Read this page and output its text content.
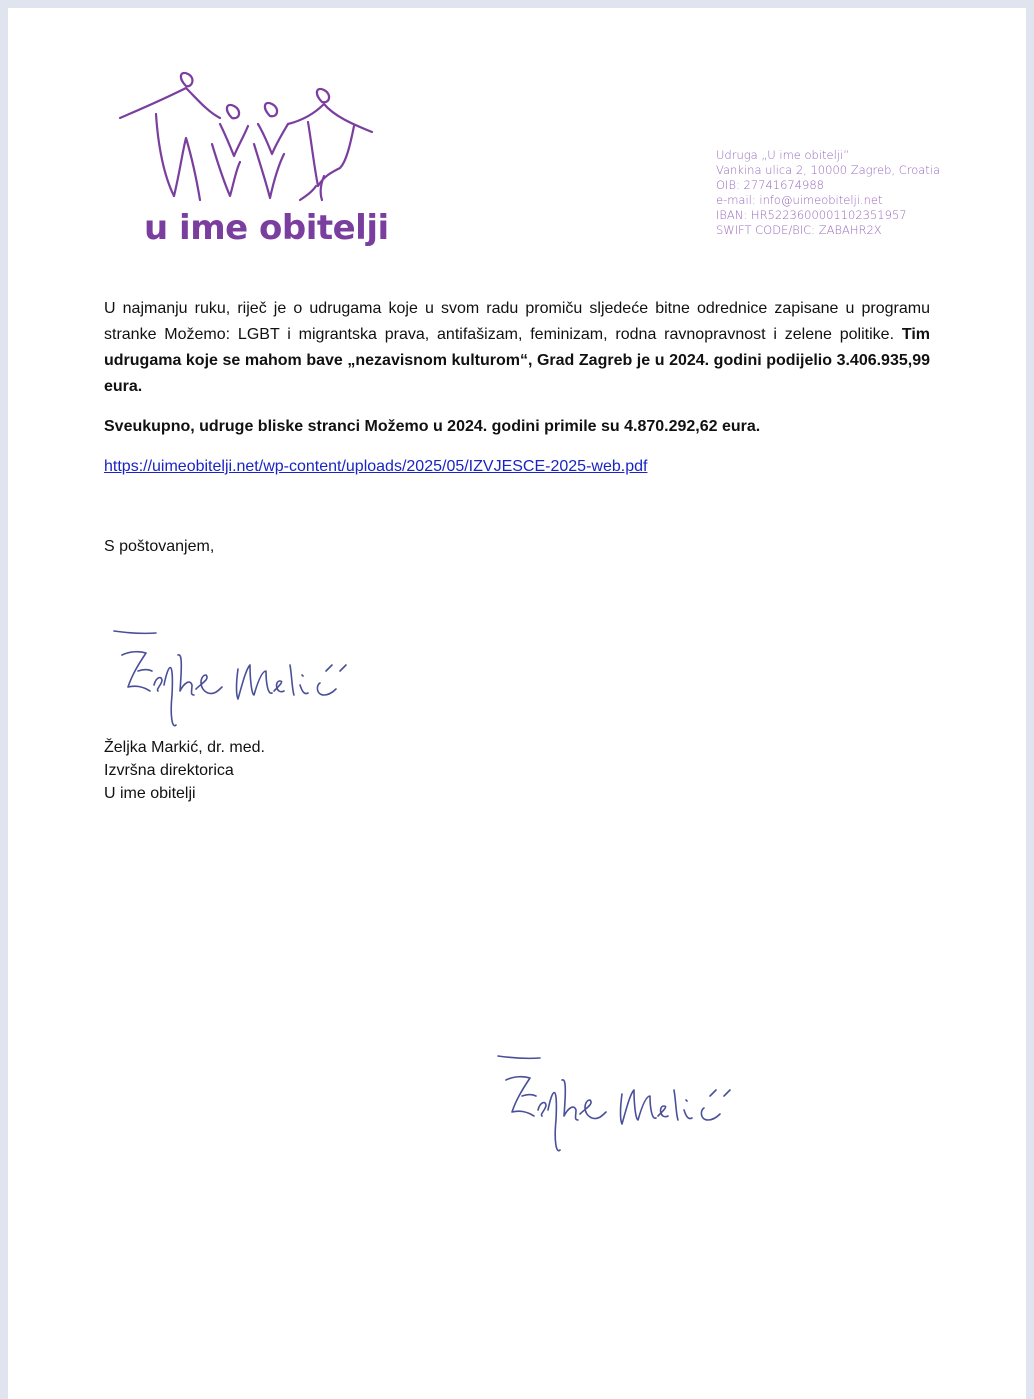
u ime obitelji
Udruga „U ime obitelji”
Vankina ulica 2, 10000 Zagreb, Croatia
OIB: 27741674988
e-mail: info@uimeobitelji.net
IBAN: HR5223600001102351957
SWIFT CODE/BIC: ZABAHR2X

U najmanju ruku, riječ je o udrugama koje u svom radu promiču sljedeće bitne odrednice zapisane u programu stranke Možemo: LGBT i migrantska prava, antifašizam, feminizam, rodna ravnopravnost i zelene politike. Tim udrugama koje se mahom bave „nezavisnom kulturom“, Grad Zagreb je u 2024. godini podijelio 3.406.935,99 eura.

Sveukupno, udruge bliske stranci Možemo u 2024. godini primile su 4.870.292,62 eura.

https://uimeobitelji.net/wp-content/uploads/2025/05/IZVJESCE-2025-web.pdf
S poštovanjem,
Željka Markić, dr. med.
Izvršna direktorica
U ime obitelji
